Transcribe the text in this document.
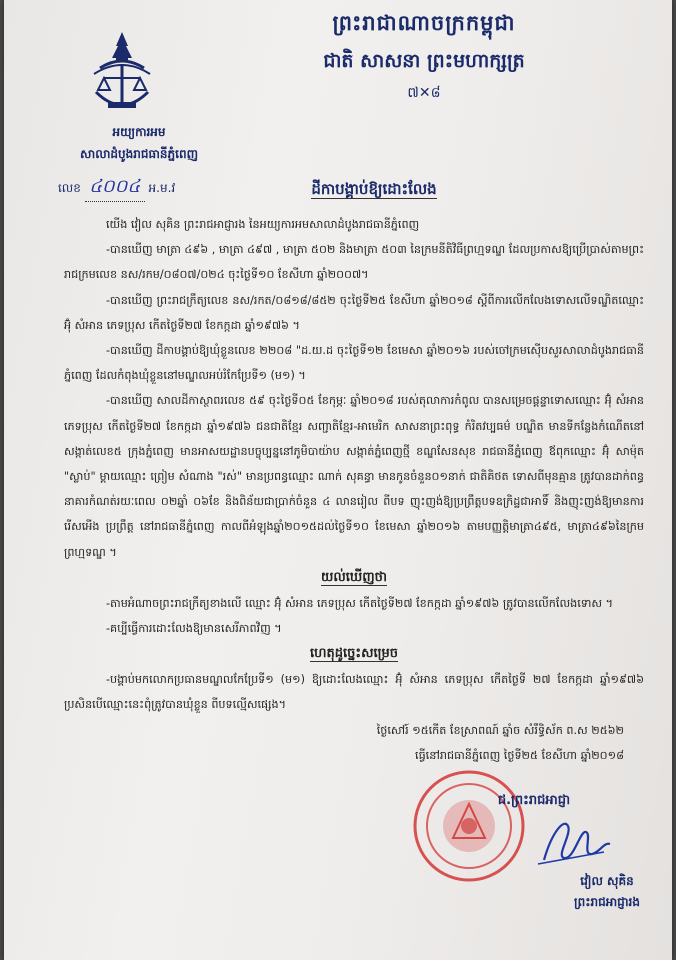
អយ្យការអម
សាលាដំបូងរាជធានីភ្នំពេញ
ព្រះរាជាណាចក្រកម្ពុជា
ជាតិ សាសនា ព្រះមហាក្សត្រ
៧✕៨
លេខ ៤០០៤ អ.ម.វ	ដីកាបង្គាប់ឱ្យដោះលែង
យើង វៀល សុគិន ព្រះរាជអាជ្ញារង នៃអយ្យការអមសាលាដំបូងរាជធានីភ្នំពេញ
-បានឃើញ មាត្រា ៤៩៦ , មាត្រា ៤៩៧ , មាត្រា ៥០២ និងមាត្រា ៥០៣ នៃក្រមនីតិវិធីព្រហ្មទណ្ឌ ដែលប្រកាសឱ្យប្រើប្រាស់តាមព្រះរាជក្រមលេខ នស/រកម/០៨០៧/០២៤ ចុះថ្ងៃទី១០ ខែសីហា ឆ្នាំ២០០៧។
-បានឃើញ ព្រះរាជក្រឹត្យលេខ នស/រកត/០៨១៨/៨៥២ ចុះថ្ងៃទី២៥ ខែសីហា ឆ្នាំ២០១៨ ស្តីពីការលើកលែងទោសលើទណ្ឌិតឈ្មោះ អ៊ុំ សំអាន ភេទប្រុស កើតថ្ងៃទី២៧ ខែកក្កដា ឆ្នាំ១៩៧៦ ។
-បានឃើញ ដីកាបង្គាប់ឱ្យឃុំខ្លួនលេខ ២២០៨ "ដ.យ.ដ ចុះថ្ងៃទី១២ ខែមេសា ឆ្នាំ២០១៦ របស់ចៅក្រមស៊ើបសួរសាលាដំបូងរាជធានីភ្នំពេញ ដែលកំពុងឃុំខ្លួននៅមណ្ឌលអប់រំកែប្រែទី១ (ម១) ។
-បានឃើញ សាលដីកាស្ថាពរលេខ ៥៩ ចុះថ្ងៃទី០៥ ខែកុម្ភៈ ឆ្នាំ២០១៨ របស់តុលាការកំពូល បានសម្រេចផ្តន្ទាទោសឈ្មោះ អ៊ុំ សំអាន ភេទប្រុស កើតថ្ងៃទី២៧ ខែកក្កដា ឆ្នាំ១៩៧៦ ជនជាតិខ្មែរ សញ្ជាតិខ្មែរ-អាមេរិក សាសនាព្រះពុទ្ធ កំរិតវប្បធម៌ បណ្ឌិត មានទីកន្លែងកំណើតនៅសង្កាត់លេខ៥ ក្រុងភ្នំពេញ មានអាសយដ្ឋានបច្ចុប្បន្ននៅភូមិបាយ៉ាប សង្កាត់ភ្នំពេញថ្មី ខណ្ឌសែនសុខ រាជធានីភ្នំពេញ ឪពុកឈ្មោះ អ៊ុំ សាម៉ុត "ស្លាប់" ម្តាយឈ្មោះ ព្រៀម សំណាង "រស់" មានប្រពន្ធឈ្មោះ ណាក់ សុគន្ធា មានកូនចំនួន០១នាក់ ជាតិគិថត ទោសពីមុនគ្មាន ត្រូវបានដាក់ពន្ធនាគារកំណត់រយៈពេល ០២ឆ្នាំ ០៦ខែ និងពិន័យជាប្រាក់ចំនួន ៤ លានរៀល ពីបទ ញុះញង់ឱ្យប្រព្រឹត្តបទឧក្រិដ្ឋជាអាទិ៍ និងញុះញង់ឱ្យមានការរើសអើង ប្រព្រឹត្ត នៅរាជធានីភ្នំពេញ កាលពីអំឡុងឆ្នាំ២០១៥ដល់ថ្ងៃទី១០ ខែមេសា ឆ្នាំ២០១៦ តាមបញ្ញត្តិមាត្រា៤៩៥, មាត្រា៤៩៦នៃក្រមព្រហ្មទណ្ឌ ។
យល់ឃើញថា
-តាមអំណាចព្រះរាជក្រឹត្យខាងលើ ឈ្មោះ អ៊ុំ សំអាន ភេទប្រុស កើតថ្ងៃទី២៧ ខែកក្កដា ឆ្នាំ១៩៧៦ ត្រូវបានលើកលែងទោស ។
-គប្បីធ្វើការដោះលែងឱ្យមានសេរីភាពវិញ ។
ហេតុដូច្នេះសម្រេច
-បង្គាប់មកលោកប្រធានមណ្ឌលកែប្រែទី១ (ម១) ឱ្យដោះលែងឈ្មោះ អ៊ុំ សំអាន ភេទប្រុស កើតថ្ងៃទី ២៧ ខែកក្កដា ឆ្នាំ១៩៧៦ ប្រសិនបើឈ្មោះនេះពុំត្រូវបានឃុំខ្លួន ពីបទល្មើសផ្សេង។
ថ្ងៃសៅរ៍ ១៥កើត ខែស្រាពណ៍ ឆ្នាំច សំរឹទ្ធិស័ក ព.ស ២៥៦២
ធ្វើនៅរាជធានីភ្នំពេញ ថ្ងៃទី២៥ ខែសីហា ឆ្នាំ២០១៨
វៀល សុគិន
ព្រះរាជអាជ្ញារង
ជ.ព្រះរាជអាជ្ញា
